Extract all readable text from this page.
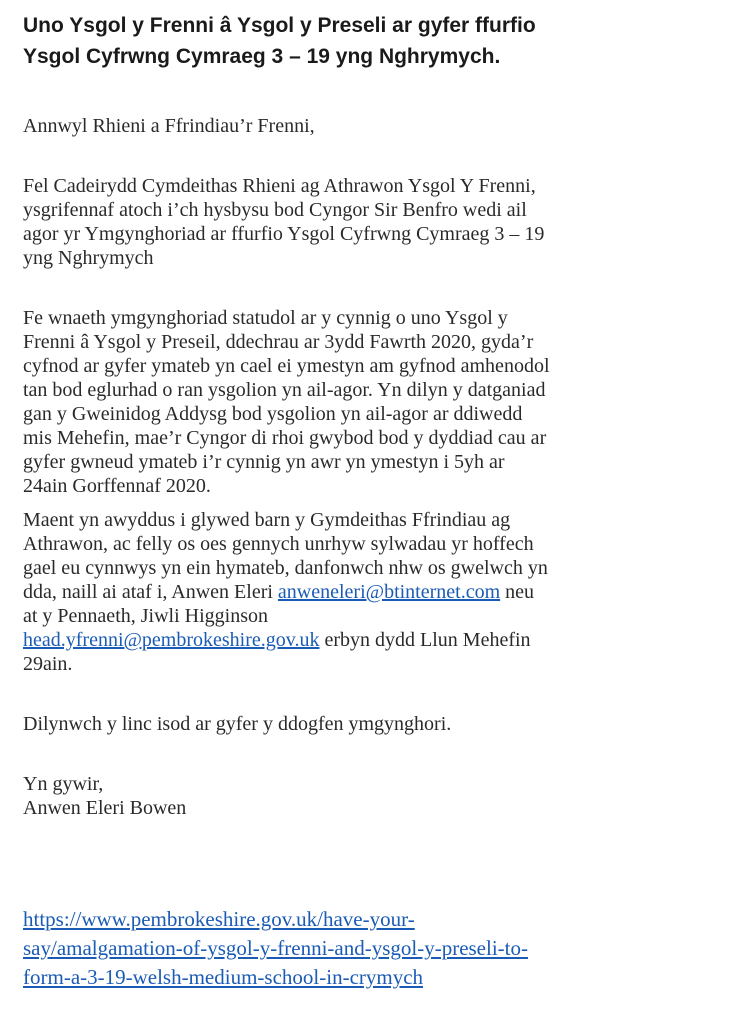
Uno Ysgol y Frenni â Ysgol y Preseli ar gyfer ffurfio
Ysgol Cyfrwng Cymraeg 3 – 19 yng Nghrymych.
Annwyl Rhieni a Ffrindiau’r Frenni,
Fel Cadeirydd Cymdeithas Rhieni ag Athrawon Ysgol Y Frenni,
ysgrifennaf atoch i’ch hysbysu bod Cyngor Sir Benfro wedi ail
agor yr Ymgynghoriad ar ffurfio Ysgol Cyfrwng Cymraeg 3 – 19
yng Nghrymych
Fe wnaeth ymgynghoriad statudol ar y cynnig o uno Ysgol y
Frenni â Ysgol y Preseil, ddechrau ar 3ydd Fawrth 2020, gyda’r
cyfnod ar gyfer ymateb yn cael ei ymestyn am gyfnod amhenodol
tan bod eglurhad o ran ysgolion yn ail-agor. Yn dilyn y datganiad
gan y Gweinidog Addysg bod ysgolion yn ail-agor ar ddiwedd
mis Mehefin, mae’r Cyngor di rhoi gwybod bod y dyddiad cau ar
gyfer gwneud ymateb i’r cynnig yn awr yn ymestyn i 5yh ar
24ain Gorffennaf 2020.
Maent yn awyddus i glywed barn y Gymdeithas Ffrindiau ag
Athrawon, ac felly os oes gennych unrhyw sylwadau yr hoffech
gael eu cynnwys yn ein hymateb, danfonwch nhw os gwelwch yn
dda, naill ai ataf i, Anwen Eleri anweneleri@btinternet.com neu
at y Pennaeth, Jiwli Higginson
head.yfrenni@pembrokeshire.gov.uk erbyn dydd Llun Mehefin
29ain.
Dilynwch y linc isod ar gyfer y ddogfen ymgynghori.
Yn gywir,
Anwen Eleri Bowen
https://www.pembrokeshire.gov.uk/have-your-
say/amalgamation-of-ysgol-y-frenni-and-ysgol-y-preseli-to-
form-a-3-19-welsh-medium-school-in-crymych
